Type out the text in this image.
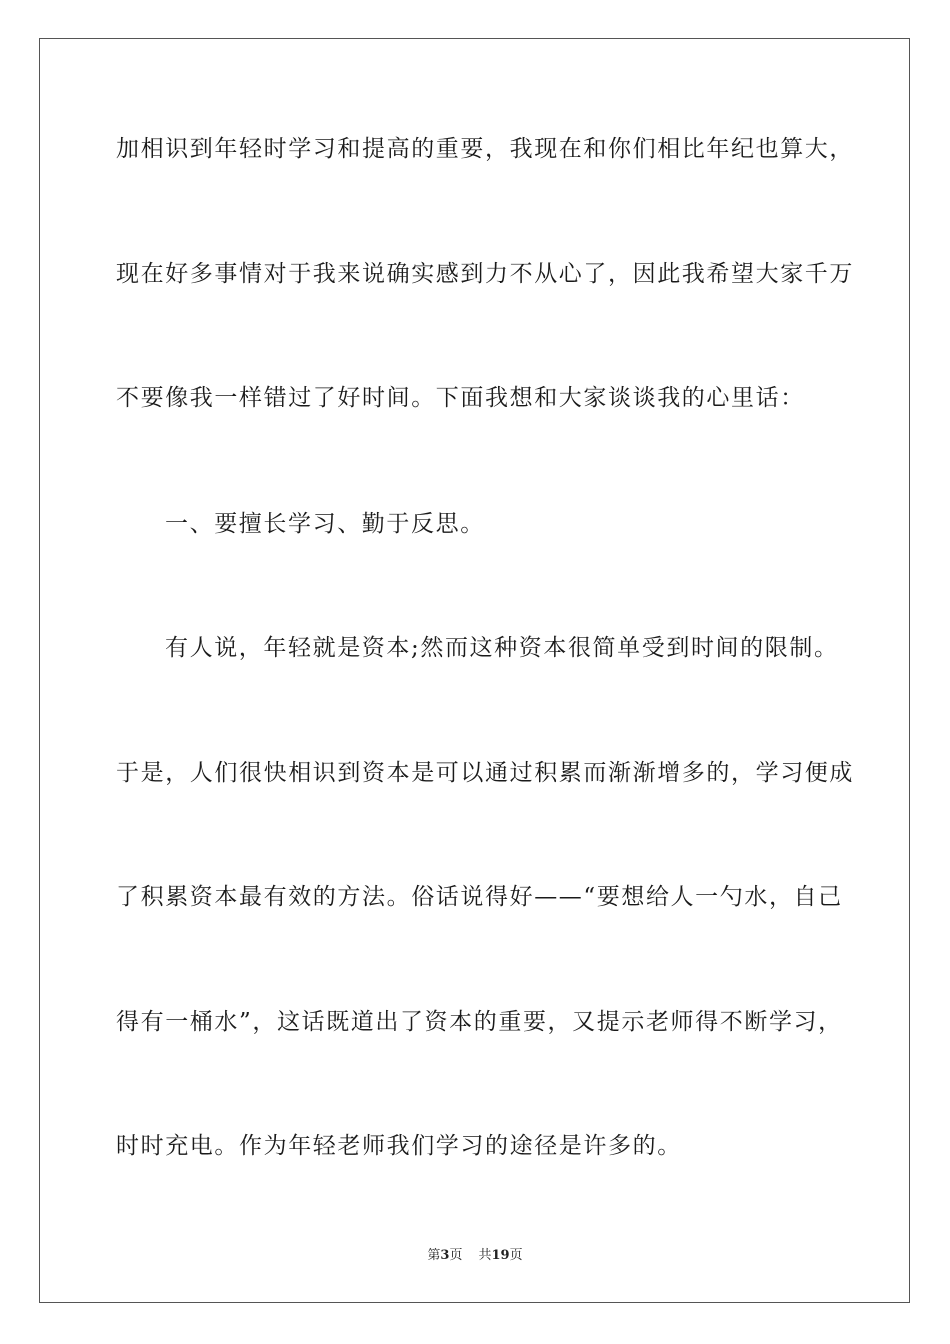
加相识到年轻时学习和提高的重要，我现在和你们相比年纪也算大，

现在好多事情对于我来说确实感到力不从心了，因此我希望大家千万

不要像我一样错过了好时间。下面我想和大家谈谈我的心里话：

一、要擅长学习、勤于反思。

有人说，年轻就是资本;然而这种资本很简单受到时间的限制。

于是，人们很快相识到资本是可以通过积累而渐渐增多的，学习便成

了积累资本最有效的方法。俗话说得好——“要想给人一勺水，自己

得有一桶水”，这话既道出了资本的重要，又提示老师得不断学习，

时时充电。作为年轻老师我们学习的途径是许多的。

第3页 共19页
